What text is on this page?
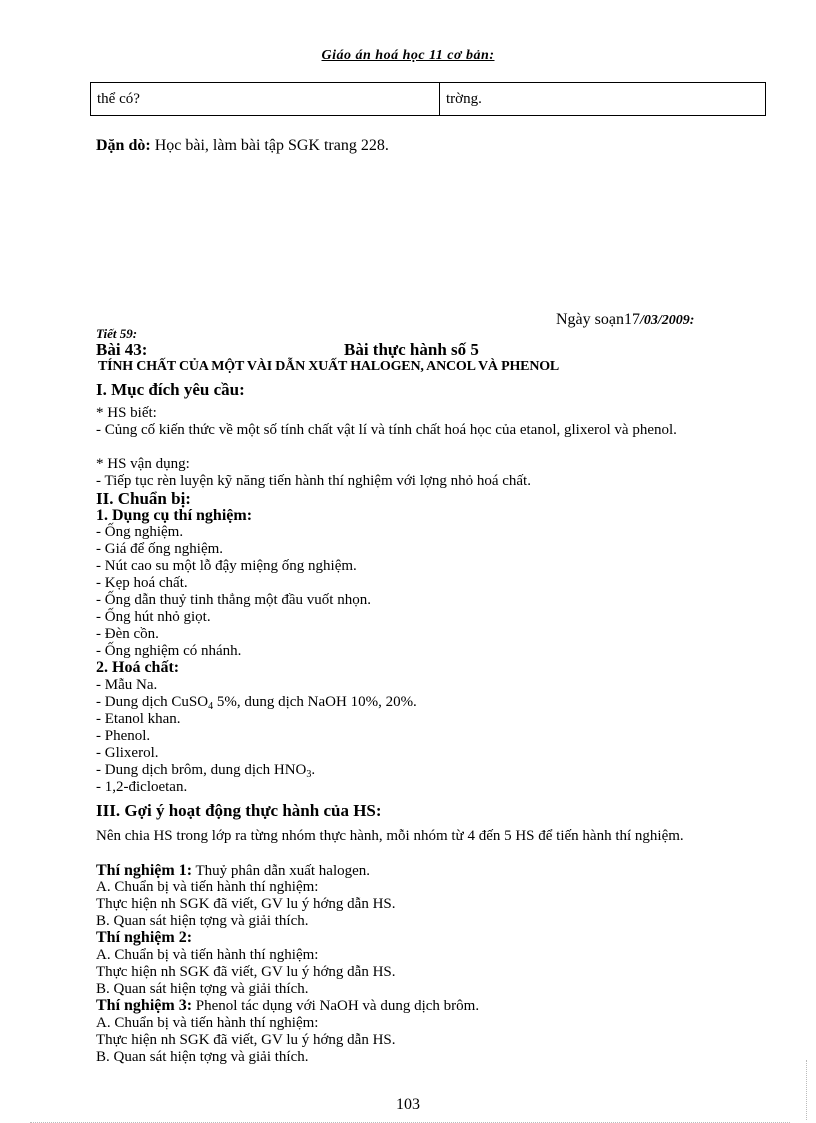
Giáo án hoá học 11 cơ bản:
thể có?	trờng.
Dặn dò: Học bài, làm bài tập SGK trang 228.
Ngày soạn17/03/2009:
Tiết 59:
Bài 43:	Bài thực hành số 5
TÍNH CHẤT CỦA MỘT VÀI DẪN XUẤT HALOGEN, ANCOL VÀ PHENOL
I. Mục đích yêu cầu:
* HS biết:
- Củng cố kiến thức về một số tính chất vật lí và tính chất hoá học của etanol, glixerol và phenol.
* HS vận dụng:
- Tiếp tục rèn luyện kỹ năng tiến hành thí nghiệm với lợng nhỏ hoá chất.
II. Chuẩn bị:
1. Dụng cụ thí nghiệm:
- Ống nghiệm.
- Giá để ống nghiệm.
- Nút cao su một lỗ đậy miệng ống nghiệm.
- Kẹp hoá chất.
- Ống dẫn thuỷ tinh thẳng một đầu vuốt nhọn.
- Ống hút nhỏ giọt.
- Đèn cồn.
- Ống nghiệm có nhánh.
2. Hoá chất:
- Mẫu Na.
- Dung dịch CuSO$_4$ 5%, dung dịch NaOH 10%, 20%.
- Etanol khan.
- Phenol.
- Glixerol.
- Dung dịch brôm, dung dịch $HNO_3$.
- 1,2-đicloetan.
III. Gợi ý hoạt động thực hành của HS:
Nên chia HS trong lớp ra từng nhóm thực hành, mỗi nhóm từ 4 đến 5 HS để tiến hành thí nghiệm.
Thí nghiệm 1: Thuỷ phân dẫn xuất halogen.
A. Chuẩn bị và tiến hành thí nghiệm:
Thực hiện nh SGK đã viết, GV lu ý hớng dẫn HS.
B. Quan sát hiện tợng và giải thích.
Thí nghiệm 2:
A. Chuẩn bị và tiến hành thí nghiệm:
Thực hiện nh SGK đã viết, GV lu ý hớng dẫn HS.
B. Quan sát hiện tợng và giải thích.
Thí nghiệm 3: Phenol tác dụng với NaOH và dung dịch brôm.
A. Chuẩn bị và tiến hành thí nghiệm:
Thực hiện nh SGK đã viết, GV lu ý hớng dẫn HS.
B. Quan sát hiện tợng và giải thích.
103
